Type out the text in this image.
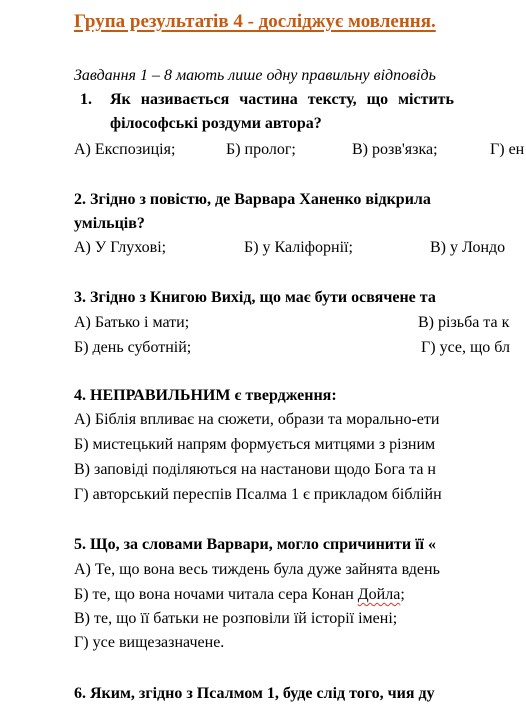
Група результатів 4 - досліджує мовлення.
Завдання 1 – 8 мають лише одну правильну відповідь
1. Як називається частина тексту, що містить
філософські роздуми автора?
А) Експозиція;	Б) пролог;	В) розв'язка;	Г) ен
2. Згідно з повістю, де Варвара Ханенко відкрила
умільців?
А) У Глухові;	Б) у Каліфорнії;	В) у Лондо
3. Згідно з Книгою Вихід, що має бути освячене та
А) Батько і мати;	В) різьба та к
Б) день суботній;	Г) усе, що бл
4. НЕПРАВИЛЬНИМ є твердження:
А) Біблія впливає на сюжети, образи та морально-ети
Б) мистецький напрям формується митцями з різним
В) заповіді поділяються на настанови щодо Бога та н
Г) авторський переспів Псалма 1 є прикладом біблійн
5. Що, за словами Варвари, могло спричинити її «
А) Те, що вона весь тиждень була дуже зайнята вдень
Б) те, що вона ночами читала сера Конан Дойла;
В) те, що її батьки не розповіли їй історії імені;
Г) усе вищезазначене.
6. Яким, згідно з Псалмом 1, буде слід того, чия ду
